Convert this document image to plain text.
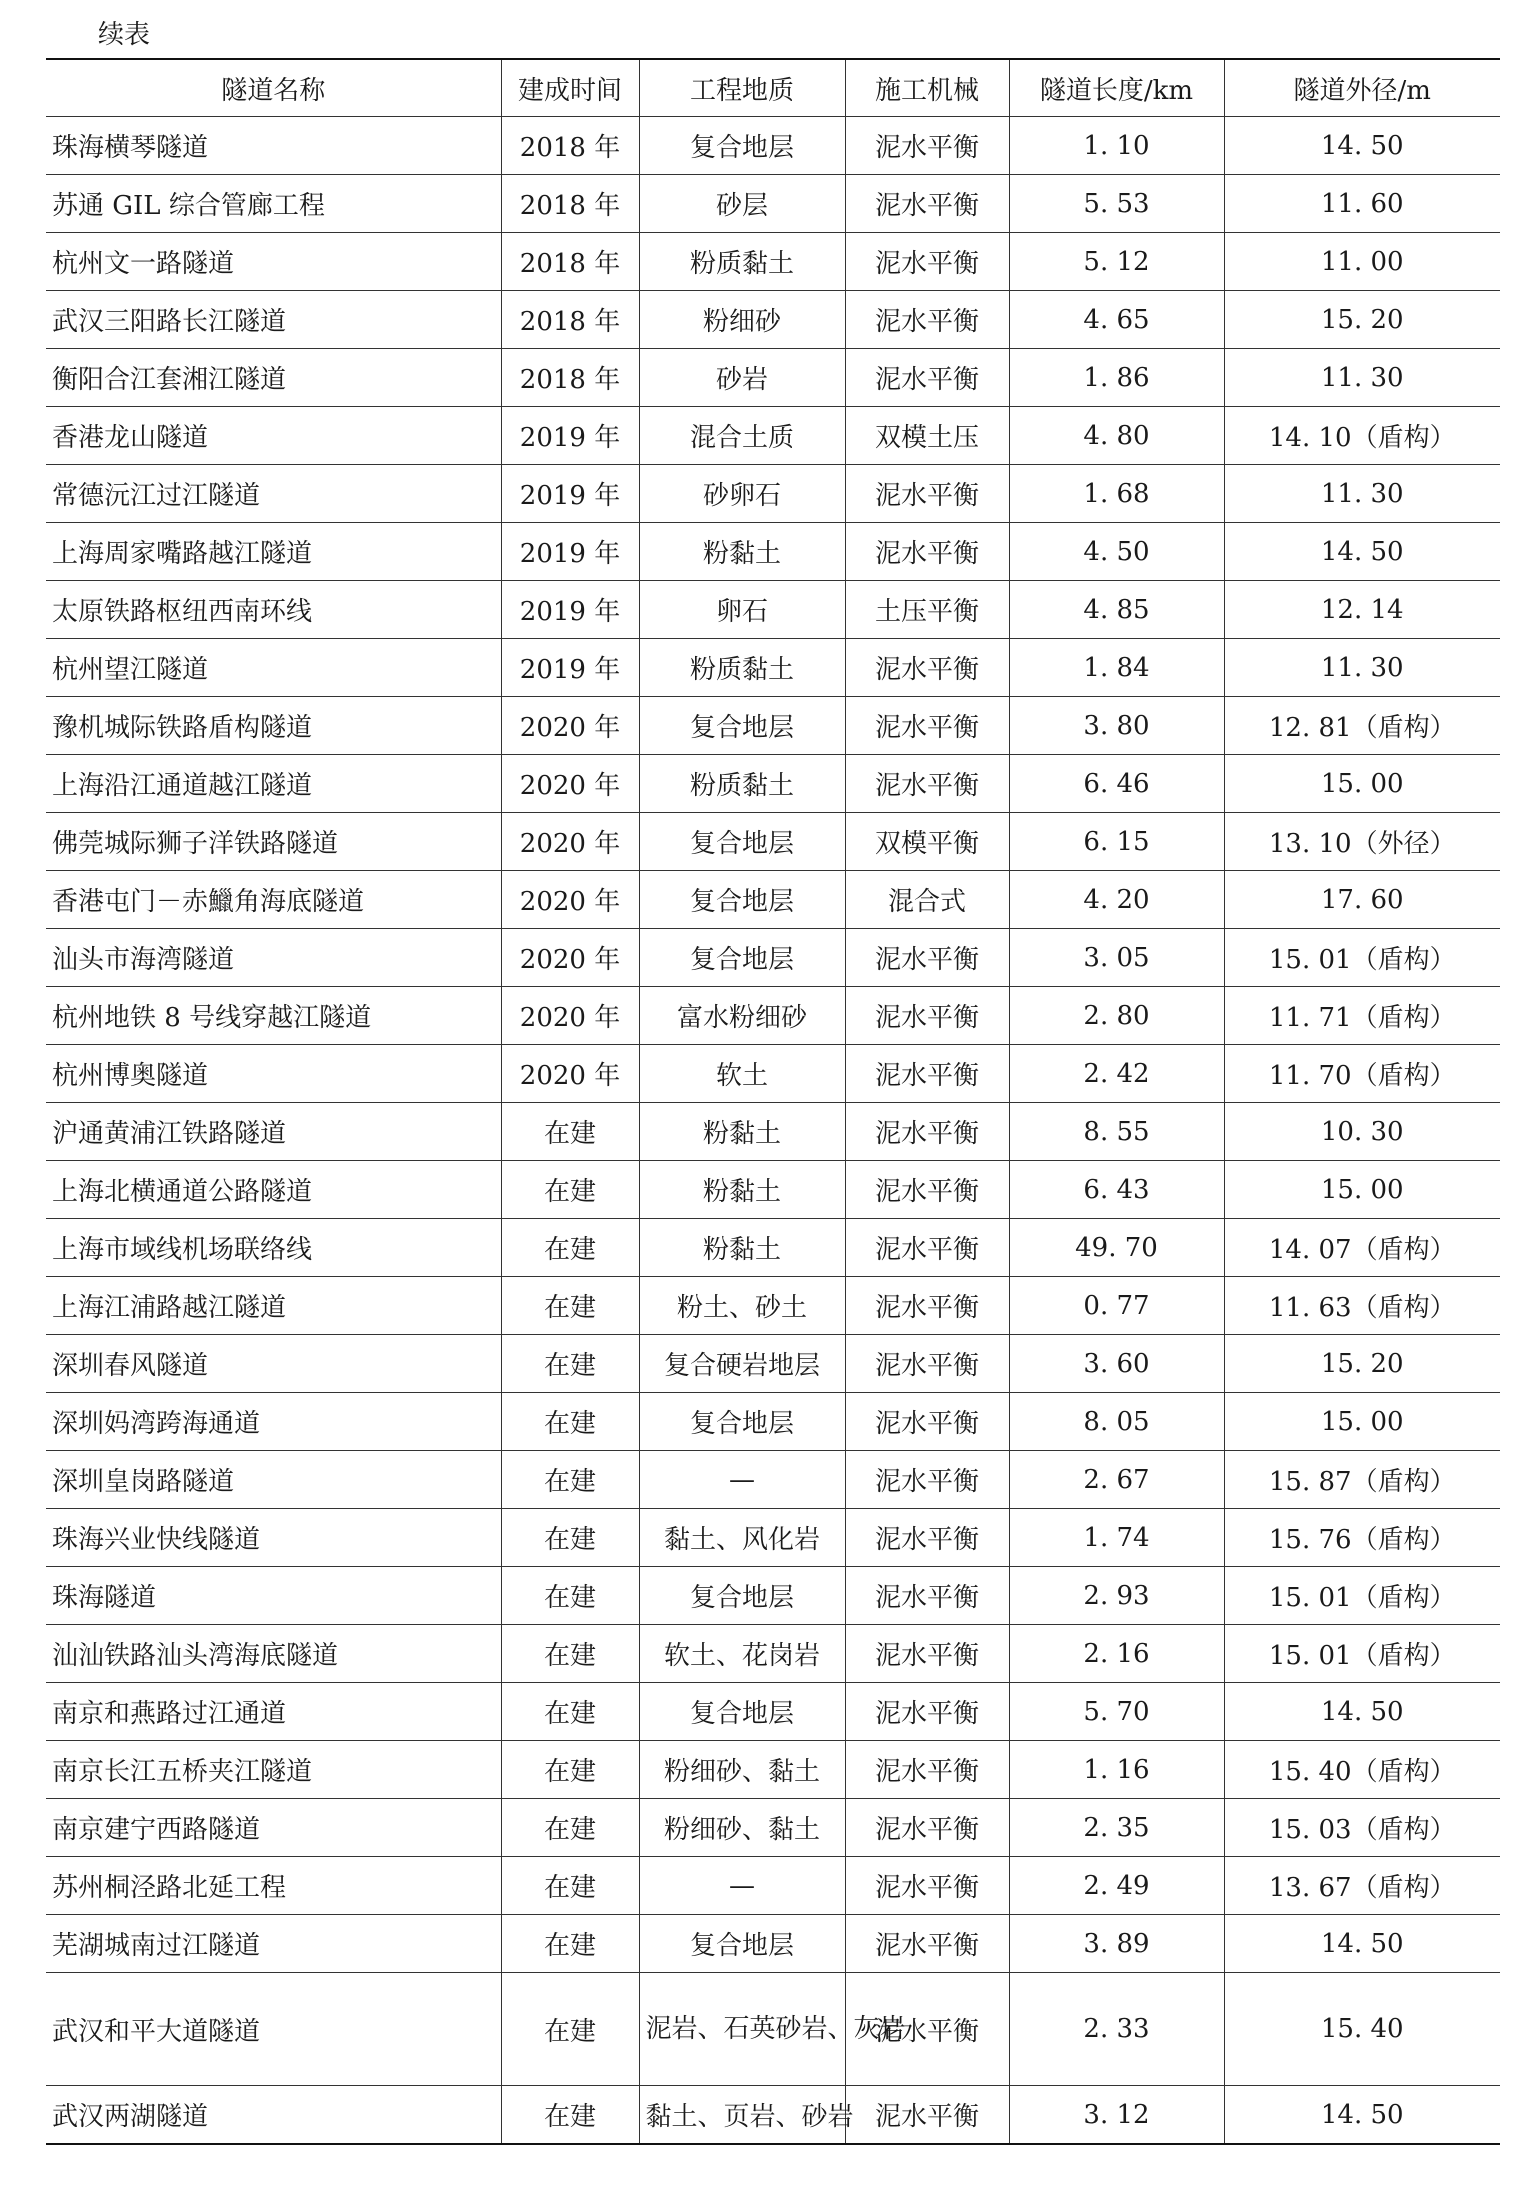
续表
隧道名称	建成时间	工程地质	施工机械	隧道长度/km	隧道外径/m
珠海横琴隧道	2018 年	复合地层	泥水平衡	1. 10	14. 50
苏通 GIL 综合管廊工程	2018 年	砂层	泥水平衡	5. 53	11. 60
杭州文一路隧道	2018 年	粉质黏土	泥水平衡	5. 12	11. 00
武汉三阳路长江隧道	2018 年	粉细砂	泥水平衡	4. 65	15. 20
衡阳合江套湘江隧道	2018 年	砂岩	泥水平衡	1. 86	11. 30
香港龙山隧道	2019 年	混合土质	双模土压	4. 80	14. 10（盾构）
常德沅江过江隧道	2019 年	砂卵石	泥水平衡	1. 68	11. 30
上海周家嘴路越江隧道	2019 年	粉黏土	泥水平衡	4. 50	14. 50
太原铁路枢纽西南环线	2019 年	卵石	土压平衡	4. 85	12. 14
杭州望江隧道	2019 年	粉质黏土	泥水平衡	1. 84	11. 30
豫机城际铁路盾构隧道	2020 年	复合地层	泥水平衡	3. 80	12. 81（盾构）
上海沿江通道越江隧道	2020 年	粉质黏土	泥水平衡	6. 46	15. 00
佛莞城际狮子洋铁路隧道	2020 年	复合地层	双模平衡	6. 15	13. 10（外径）
香港屯门－赤鱲角海底隧道	2020 年	复合地层	混合式	4. 20	17. 60
汕头市海湾隧道	2020 年	复合地层	泥水平衡	3. 05	15. 01（盾构）
杭州地铁 8 号线穿越江隧道	2020 年	富水粉细砂	泥水平衡	2. 80	11. 71（盾构）
杭州博奥隧道	2020 年	软土	泥水平衡	2. 42	11. 70（盾构）
沪通黄浦江铁路隧道	在建	粉黏土	泥水平衡	8. 55	10. 30
上海北横通道公路隧道	在建	粉黏土	泥水平衡	6. 43	15. 00
上海市域线机场联络线	在建	粉黏土	泥水平衡	49. 70	14. 07（盾构）
上海江浦路越江隧道	在建	粉土、砂土	泥水平衡	0. 77	11. 63（盾构）
深圳春风隧道	在建	复合硬岩地层	泥水平衡	3. 60	15. 20
深圳妈湾跨海通道	在建	复合地层	泥水平衡	8. 05	15. 00
深圳皇岗路隧道	在建	—	泥水平衡	2. 67	15. 87（盾构）
珠海兴业快线隧道	在建	黏土、风化岩	泥水平衡	1. 74	15. 76（盾构）
珠海隧道	在建	复合地层	泥水平衡	2. 93	15. 01（盾构）
汕汕铁路汕头湾海底隧道	在建	软土、花岗岩	泥水平衡	2. 16	15. 01（盾构）
南京和燕路过江通道	在建	复合地层	泥水平衡	5. 70	14. 50
南京长江五桥夹江隧道	在建	粉细砂、黏土	泥水平衡	1. 16	15. 40（盾构）
南京建宁西路隧道	在建	粉细砂、黏土	泥水平衡	2. 35	15. 03（盾构）
苏州桐泾路北延工程	在建	—	泥水平衡	2. 49	13. 67（盾构）
芜湖城南过江隧道	在建	复合地层	泥水平衡	3. 89	14. 50
武汉和平大道隧道	在建	泥岩、石英砂岩、灰岩	泥水平衡	2. 33	15. 40
武汉两湖隧道	在建	黏土、页岩、砂岩	泥水平衡	3. 12	14. 50
